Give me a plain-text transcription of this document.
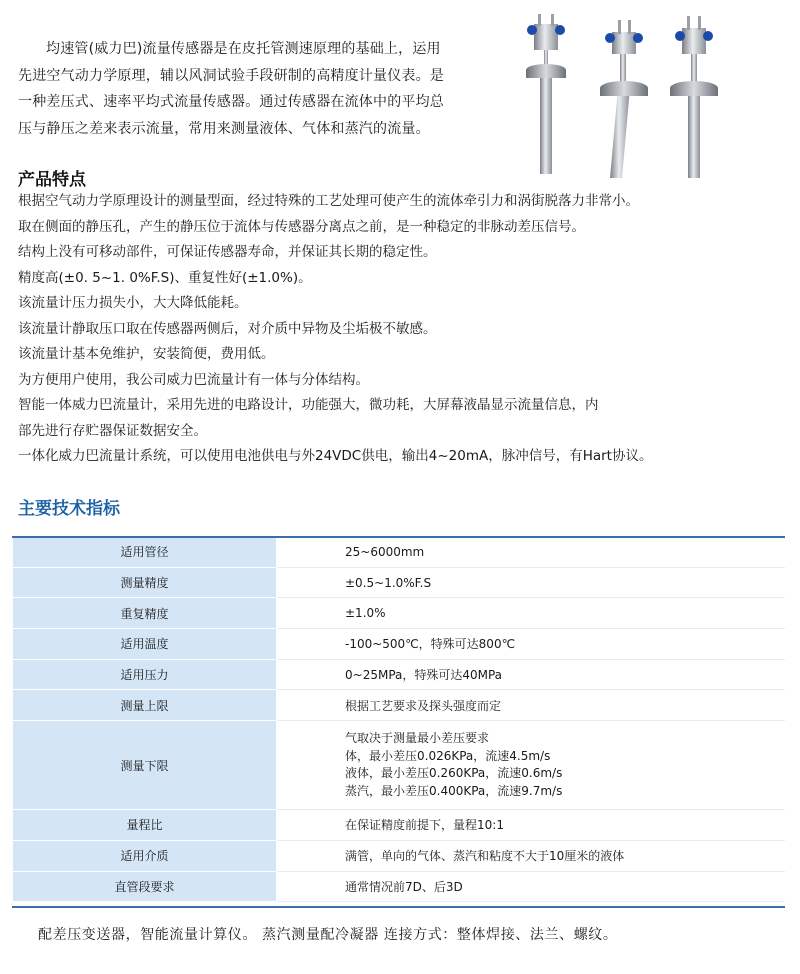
均速管(威力巴)流量传感器是在皮托管测速原理的基础上，运用
先进空气动力学原理，辅以风洞试验手段研制的高精度计量仪表。是
一种差压式、速率平均式流量传感器。通过传感器在流体中的平均总
压与静压之差来表示流量，常用来测量液体、气体和蒸汽的流量。
产品特点
根据空气动力学原理设计的测量型面，经过特殊的工艺处理可使产生的流体牵引力和涡街脱落力非常小。
取在侧面的静压孔，产生的静压位于流体与传感器分离点之前，是一种稳定的非脉动差压信号。
结构上没有可移动部件，可保证传感器寿命，并保证其长期的稳定性。
精度高(±0. 5~1. 0%F.S)、重复性好(±1.0%)。
该流量计压力损失小，大大降低能耗。
该流量计静取压口取在传感器两侧后，对介质中异物及尘垢极不敏感。
该流量计基本免维护，安装简便，费用低。
为方便用户使用，我公司威力巴流量计有一体与分体结构。
智能一体威力巴流量计，采用先进的电路设计，功能强大，微功耗，大屏幕液晶显示流量信息，内
部先进行存贮器保证数据安全。
一体化威力巴流量计系统，可以使用电池供电与外24VDC供电，输出4~20mA，脉冲信号，有Hart协议。
主要技术指标
适用管径	25~6000mm
测量精度	±0.5~1.0%F.S
重复精度	±1.0%
适用温度	-100~500℃，特殊可达800℃
适用压力	0~25MPa，特殊可达40MPa
测量上限	根据工艺要求及探头强度而定
测量下限	气取决于测量最小差压要求
体，最小差压0.026KPa，流速4.5m/s
液体，最小差压0.260KPa，流速0.6m/s
蒸汽，最小差压0.400KPa，流速9.7m/s

量程比	在保证精度前提下，量程10:1
适用介质	满管，单向的气体、蒸汽和粘度不大于10厘米的液体
直管段要求	通常情况前7D、后3D
配差压变送器，智能流量计算仪。 蒸汽测量配冷凝器 连接方式：整体焊接、法兰、螺纹。
